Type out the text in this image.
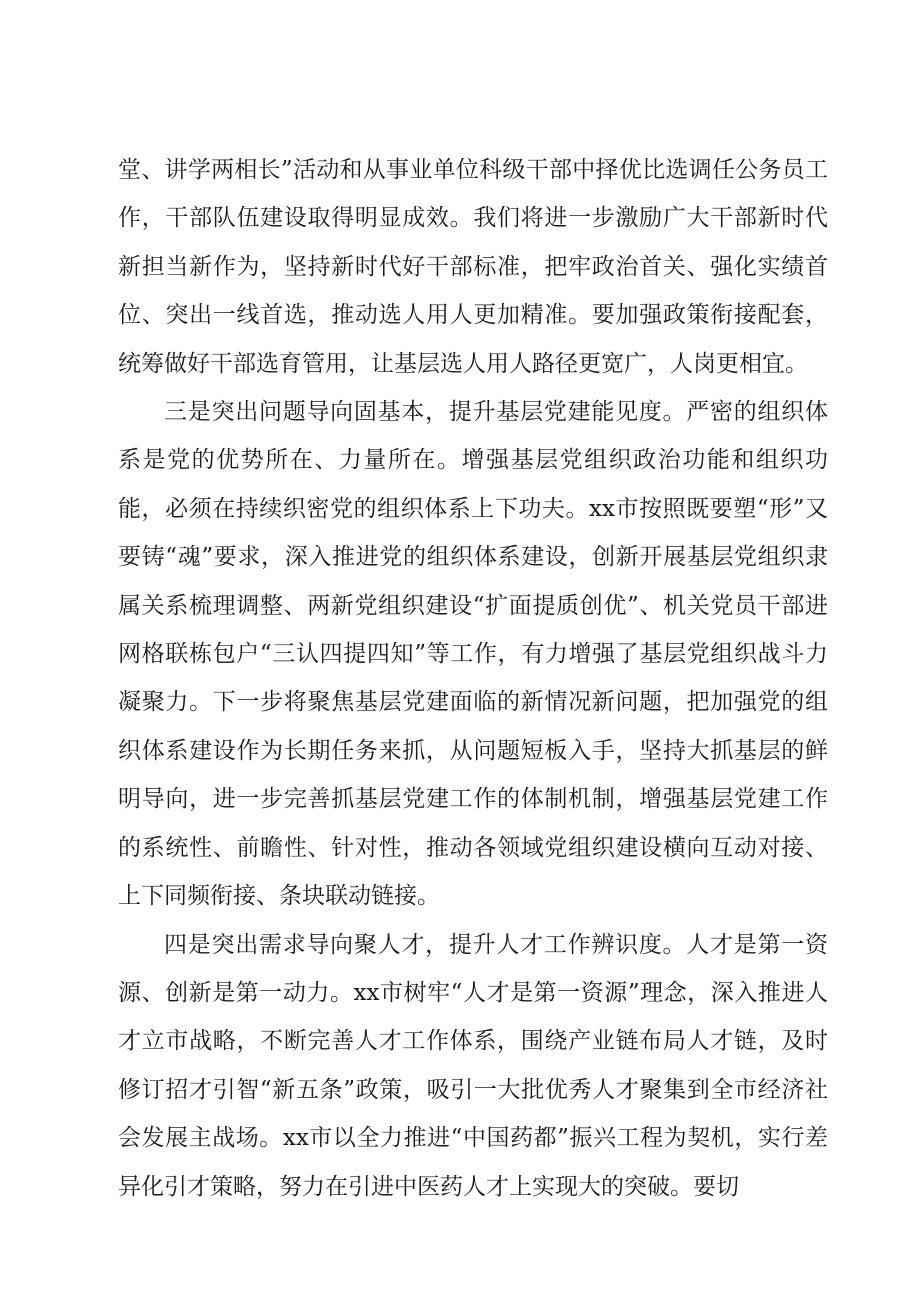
堂、讲学两相长”活动和从事业单位科级干部中择优比选调任公务员工作，干部队伍建设取得明显成效。我们将进一步激励广大干部新时代新担当新作为，坚持新时代好干部标准，把牢政治首关、强化实绩首位、突出一线首选，推动选人用人更加精准。要加强政策衔接配套，统筹做好干部选育管用，让基层选人用人路径更宽广，人岗更相宜。

三是突出问题导向固基本，提升基层党建能见度。严密的组织体系是党的优势所在、力量所在。增强基层党组织政治功能和组织功能，必须在持续织密党的组织体系上下功夫。xx市按照既要塑“形”又要铸“魂”要求，深入推进党的组织体系建设，创新开展基层党组织隶属关系梳理调整、两新党组织建设“扩面提质创优”、机关党员干部进网格联栋包户“三认四提四知”等工作，有力增强了基层党组织战斗力凝聚力。下一步将聚焦基层党建面临的新情况新问题，把加强党的组织体系建设作为长期任务来抓，从问题短板入手，坚持大抓基层的鲜明导向，进一步完善抓基层党建工作的体制机制，增强基层党建工作的系统性、前瞻性、针对性，推动各领域党组织建设横向互动对接、上下同频衔接、条块联动链接。

四是突出需求导向聚人才，提升人才工作辨识度。人才是第一资源、创新是第一动力。xx市树牢“人才是第一资源”理念，深入推进人才立市战略，不断完善人才工作体系，围绕产业链布局人才链，及时修订招才引智“新五条”政策，吸引一大批优秀人才聚集到全市经济社会发展主战场。xx市以全力推进“中国药都”振兴工程为契机，实行差异化引才策略，努力在引进中医药人才上实现大的突破。要切
